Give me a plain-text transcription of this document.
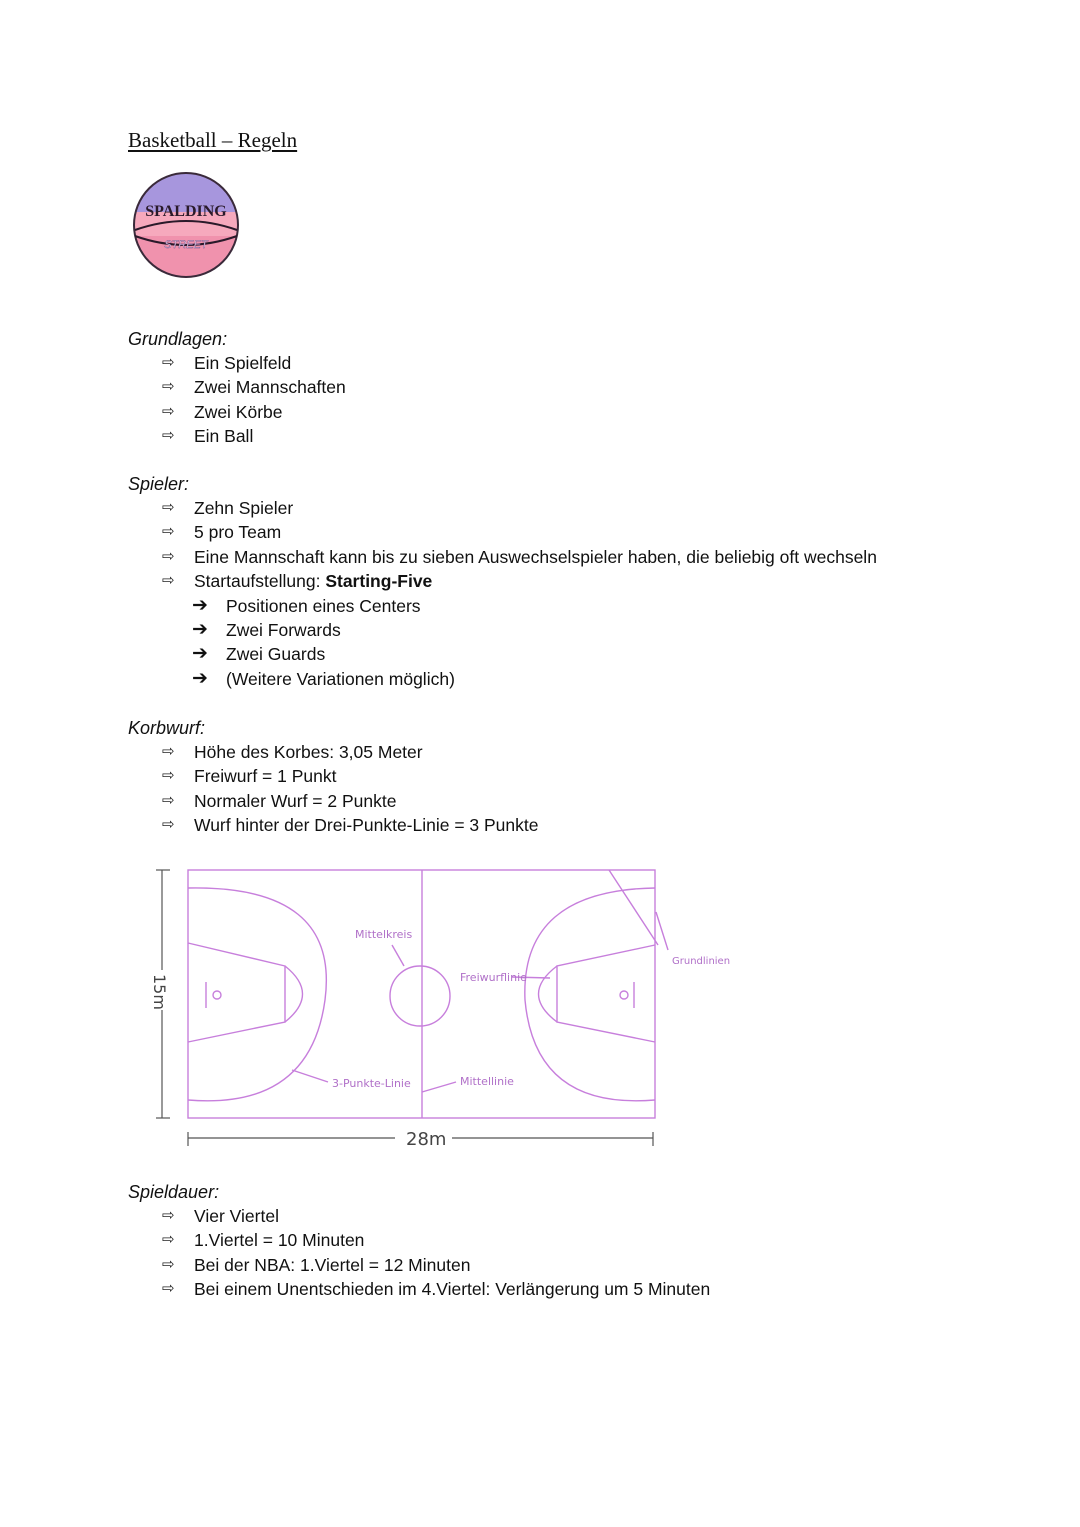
Basketball – Regeln
SPALDING
STREET

Grundlagen:

⇨ Ein Spielfeld
⇨ Zwei Mannschaften
⇨ Zwei Körbe
⇨ Ein Ball

Spieler:

⇨ Zehn Spieler
⇨ 5 pro Team
⇨ Eine Mannschaft kann bis zu sieben Auswechselspieler haben, die beliebig oft wechseln
⇨ Startaufstellung: Starting-Five
➔ Positionen eines Centers
➔ Zwei Forwards
➔ Zwei Guards
➔ (Weitere Variationen möglich)

Korbwurf:

⇨ Höhe des Korbes: 3,05 Meter
⇨ Freiwurf = 1 Punkt
⇨ Normaler Wurf = 2 Punkte
⇨ Wurf hinter der Drei-Punkte-Linie = 3 Punkte
Mittelkreis
Freiwurflinie
Grundlinien
3-Punkte-Linie	Mittellinie
28m
15m

Spieldauer:

⇨ Vier Viertel
⇨ 1.Viertel = 10 Minuten
⇨ Bei der NBA: 1.Viertel = 12 Minuten
⇨ Bei einem Unentschieden im 4.Viertel: Verlängerung um 5 Minuten
